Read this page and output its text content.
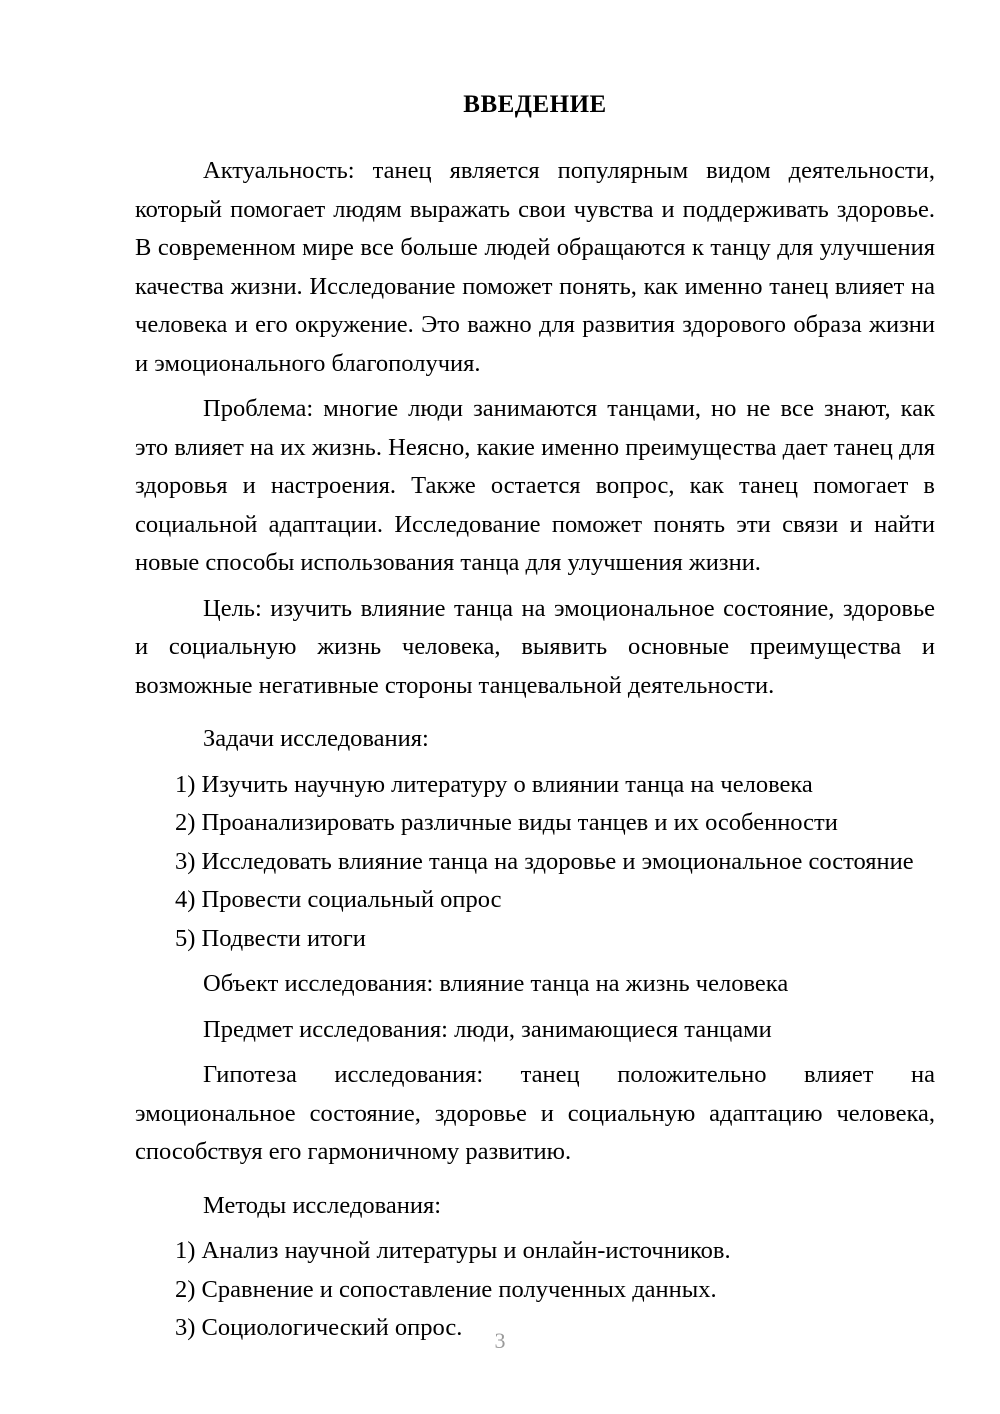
ВВЕДЕНИЕ

Актуальность: танец является популярным видом деятельности, который помогает людям выражать свои чувства и поддерживать здоровье. В современном мире все больше людей обращаются к танцу для улучшения качества жизни. Исследование поможет понять, как именно танец влияет на человека и его окружение. Это важно для развития здорового образа жизни и эмоционального благополучия.

Проблема: многие люди занимаются танцами, но не все знают, как это влияет на их жизнь. Неясно, какие именно преимущества дает танец для здоровья и настроения. Также остается вопрос, как танец помогает в социальной адаптации. Исследование поможет понять эти связи и найти новые способы использования танца для улучшения жизни.

Цель: изучить влияние танца на эмоциональное состояние, здоровье и социальную жизнь человека, выявить основные преимущества и возможные негативные стороны танцевальной деятельности.

Задачи исследования:

1) Изучить научную литературу о влиянии танца на человека
2) Проанализировать различные виды танцев и их особенности
3) Исследовать влияние танца на здоровье и эмоциональное состояние
4) Провести социальный опрос
5) Подвести итоги

Объект исследования: влияние танца на жизнь человека

Предмет исследования: люди, занимающиеся танцами

Гипотеза исследования: танец положительно влияет на эмоциональное состояние, здоровье и социальную адаптацию человека, способствуя его гармоничному развитию.

Методы исследования:

1) Анализ научной литературы и онлайн-источников.
2) Сравнение и сопоставление полученных данных.
3) Социологический опрос.	3
